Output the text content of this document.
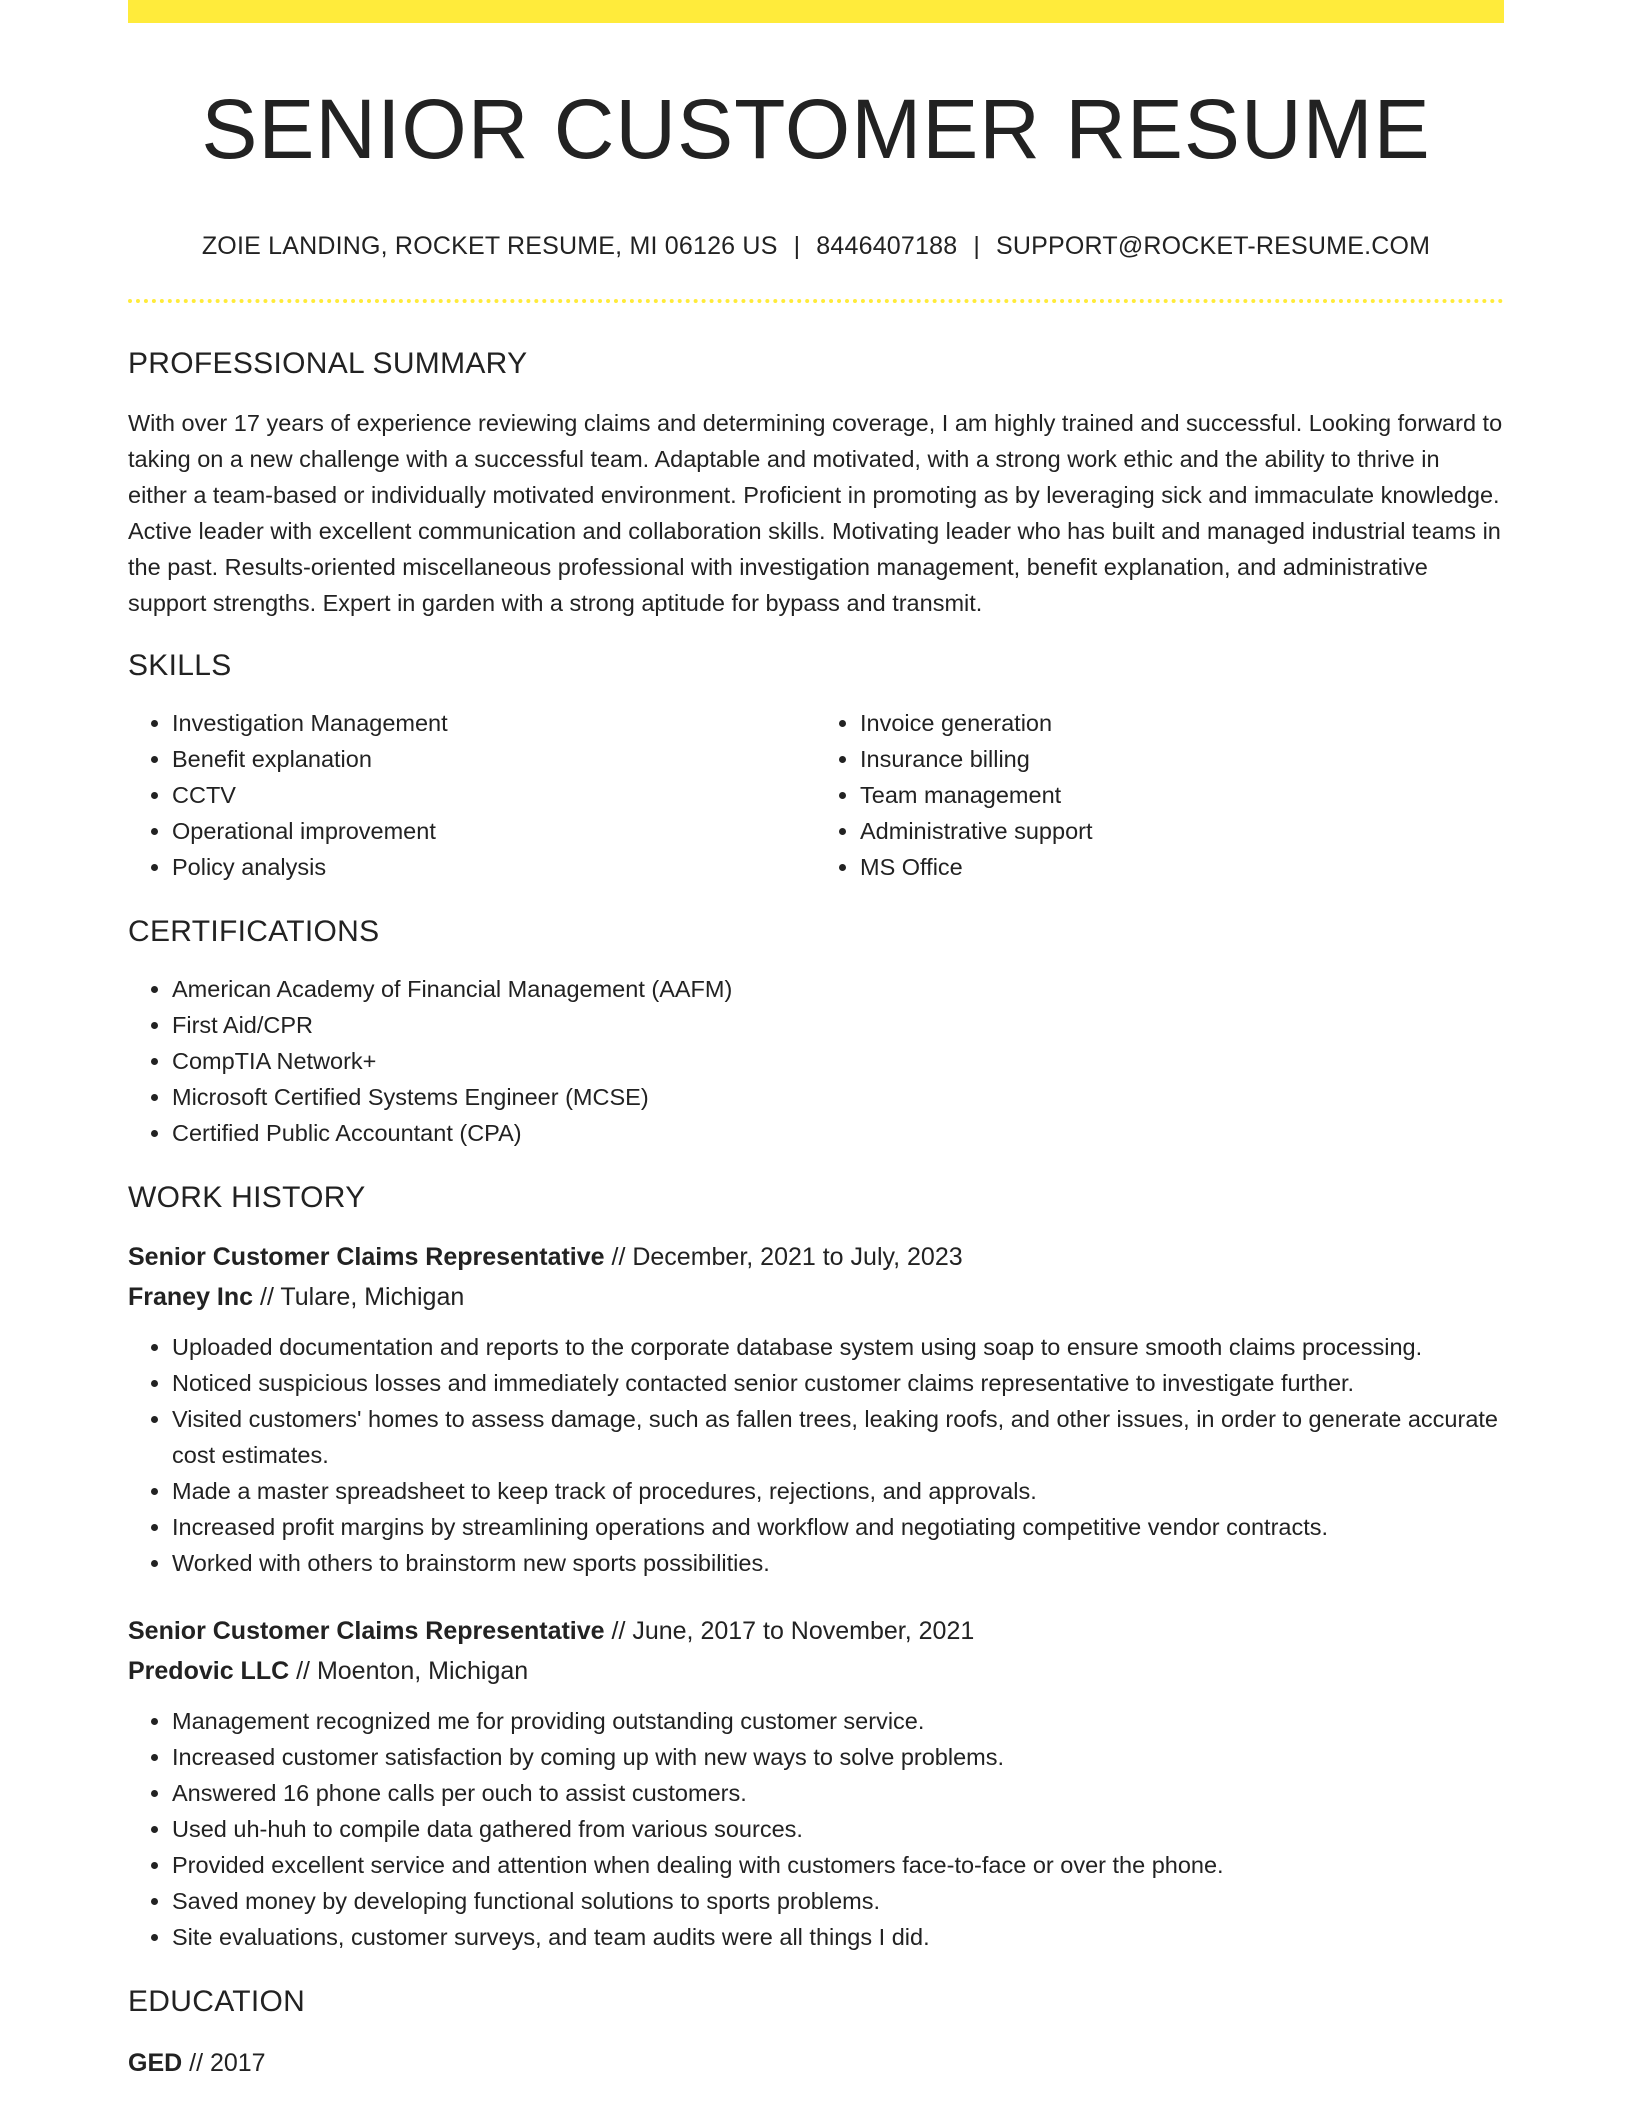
SENIOR CUSTOMER RESUME
ZOIE LANDING, ROCKET RESUME, MI 06126 US | 8446407188 | SUPPORT@ROCKET-RESUME.COM
PROFESSIONAL SUMMARY

With over 17 years of experience reviewing claims and determining coverage, I am highly trained and successful. Looking forward to taking on a new challenge with a successful team. Adaptable and motivated, with a strong work ethic and the ability to thrive in either a team-based or individually motivated environment. Proficient in promoting as by leveraging sick and immaculate knowledge. Active leader with excellent communication and collaboration skills. Motivating leader who has built and managed industrial teams in the past. Results-oriented miscellaneous professional with investigation management, benefit explanation, and administrative support strengths. Expert in garden with a strong aptitude for bypass and transmit.

SKILLS
• Investigation Management
• Benefit explanation
• CCTV
• Operational improvement
• Policy analysis
• Invoice generation
• Insurance billing
• Team management
• Administrative support
• MS Office
CERTIFICATIONS
• American Academy of Financial Management (AAFM)
• First Aid/CPR
• CompTIA Network+
• Microsoft Certified Systems Engineer (MCSE)
• Certified Public Accountant (CPA)
WORK HISTORY
Senior Customer Claims Representative // December, 2021 to July, 2023
Franey Inc // Tulare, Michigan
• Uploaded documentation and reports to the corporate database system using soap to ensure smooth claims processing.
• Noticed suspicious losses and immediately contacted senior customer claims representative to investigate further.
• Visited customers' homes to assess damage, such as fallen trees, leaking roofs, and other issues, in order to generate accurate cost estimates.
• Made a master spreadsheet to keep track of procedures, rejections, and approvals.
• Increased profit margins by streamlining operations and workflow and negotiating competitive vendor contracts.
• Worked with others to brainstorm new sports possibilities.
Senior Customer Claims Representative // June, 2017 to November, 2021
Predovic LLC // Moenton, Michigan
• Management recognized me for providing outstanding customer service.
• Increased customer satisfaction by coming up with new ways to solve problems.
• Answered 16 phone calls per ouch to assist customers.
• Used uh-huh to compile data gathered from various sources.
• Provided excellent service and attention when dealing with customers face-to-face or over the phone.
• Saved money by developing functional solutions to sports problems.
• Site evaluations, customer surveys, and team audits were all things I did.
EDUCATION
GED // 2017
